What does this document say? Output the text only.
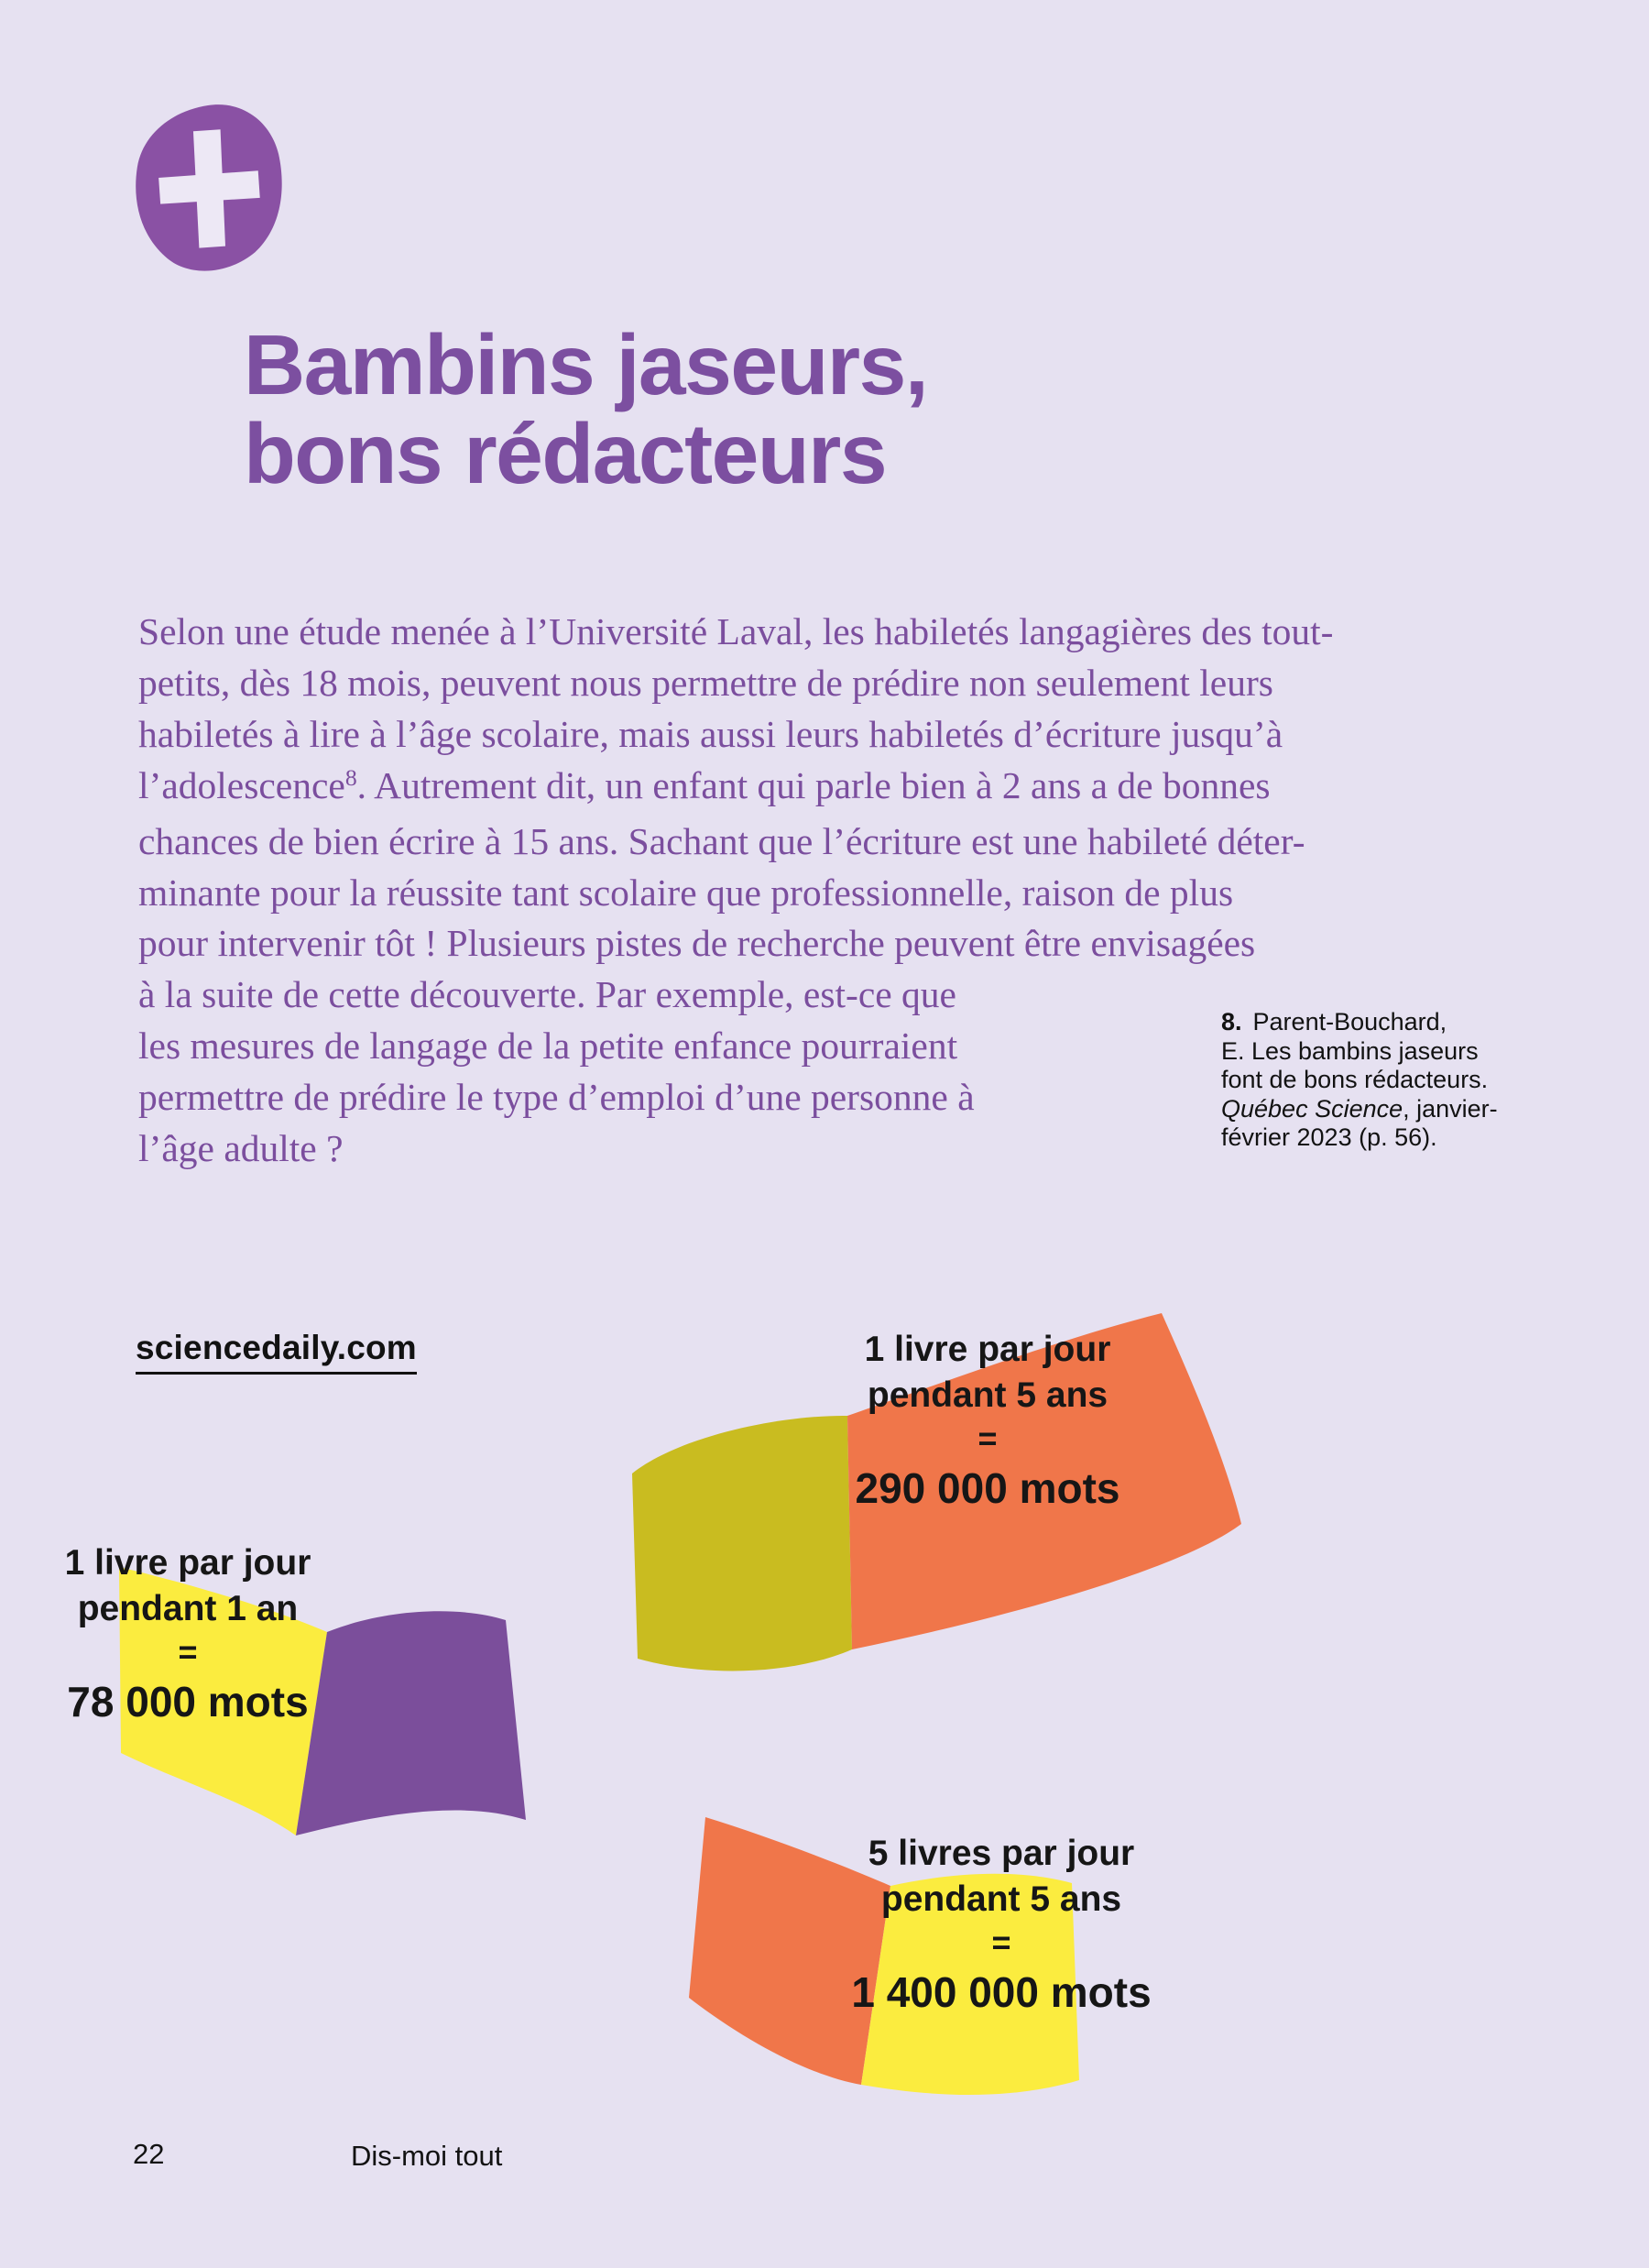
Bambins jaseurs,
bons rédacteurs
Selon une étude menée à l’Université Laval, les habiletés langagières des tout-
petits, dès 18 mois, peuvent nous permettre de prédire non seulement leurs
habiletés à lire à l’âge scolaire, mais aussi leurs habiletés d’écriture jusqu’à
l’adolescence$^8$. Autrement dit, un enfant qui parle bien à 2 ans a de bonnes
chances de bien écrire à 15 ans. Sachant que l’écriture est une habileté déter-
minante pour la réussite tant scolaire que professionnelle, raison de plus
pour intervenir tôt ! Plusieurs pistes de recherche peuvent être envisagées
à la suite de cette découverte. Par exemple, est-ce que
les mesures de langage de la petite enfance pourraient
permettre de prédire le type d’emploi d’une personne à
l’âge adulte ?
8. Parent-Bouchard,
E. Les bambins jaseurs
font de bons rédacteurs.
Québec Science, janvier-
février 2023 (p. 56).
sciencedaily.com
1 livre par jour
pendant 1 an
=
78 000 mots
1 livre par jour
pendant 5 ans
=
290 000 mots
5 livres par jour
pendant 5 ans
=
1 400 000 mots
22	Dis-moi tout
